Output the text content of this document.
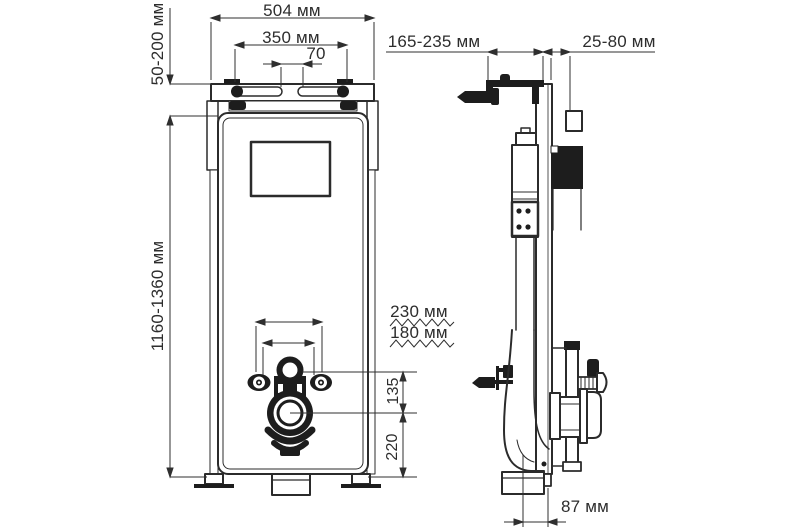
504 мм
350 мм
70
50-200 мм
1160-1360 мм	230 мм
180 мм
135
220
165-235 мм	25-80 мм
87 мм
